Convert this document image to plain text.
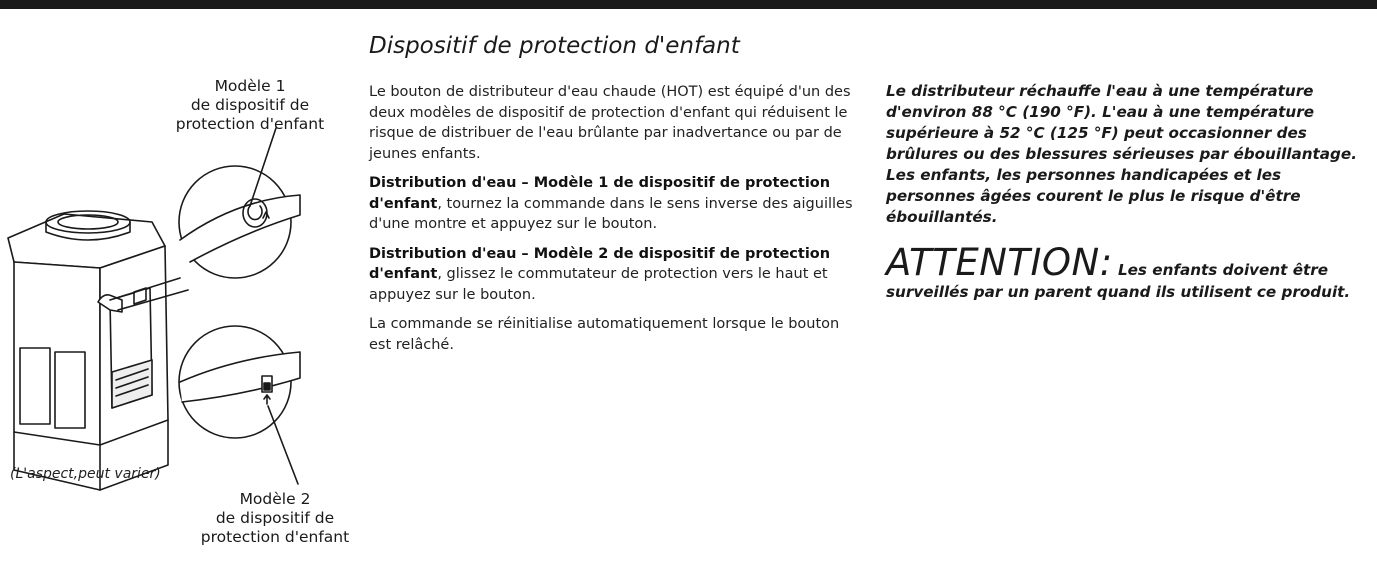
Modèle 1
de dispositif de
protection d'enfant
(L'aspect,peut varier)
Modèle 2
de dispositif de
protection d'enfant
Dispositif de protection d'enfant

Le bouton de distributeur d'eau chaude (HOT) est équipé d'un des deux modèles de dispositif de protection d'enfant qui réduisent le risque de distribuer de l'eau brûlante par inadvertance ou par de jeunes enfants.

Distribution d'eau – Modèle 1 de dispositif de protection d'enfant, tournez la commande dans le sens inverse des aiguilles d'une montre et appuyez sur le bouton.

Distribution d'eau – Modèle 2 de dispositif de protection d'enfant, glissez le commutateur de protection vers le haut et appuyez sur le bouton.

La commande se réinitialise automatiquement lorsque le bouton est relâché.

Le distributeur réchauffe l'eau à une température d'environ 88 °C (190 °F). L'eau à une température supérieure à 52 °C (125 °F) peut occasionner des brûlures ou des blessures sérieuses par ébouillantage. Les enfants, les personnes handicapées et les personnes âgées courent le plus le risque d'être ébouillantés.

ATTENTION: Les enfants doivent être surveillés par un parent quand ils utilisent ce produit.
